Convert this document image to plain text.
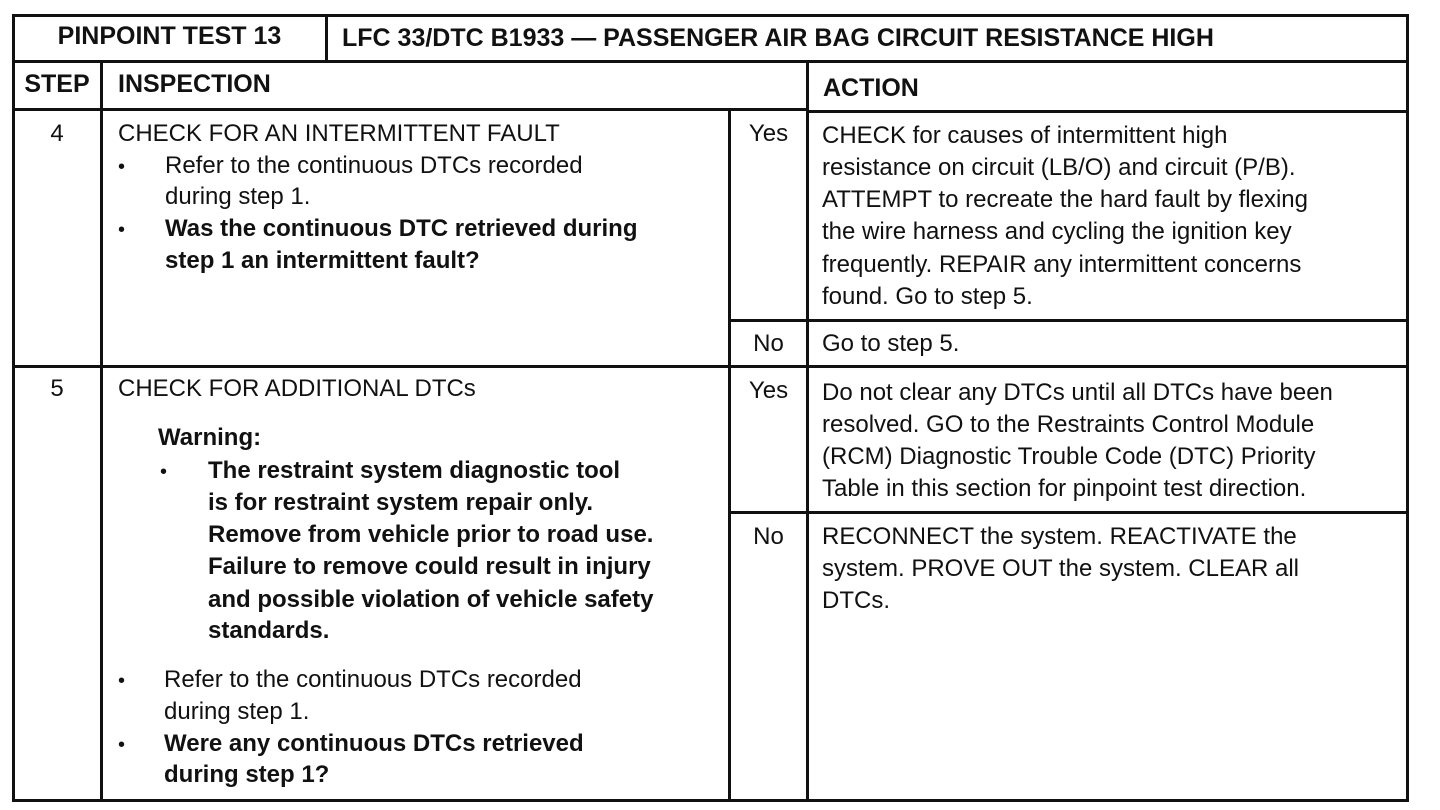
PINPOINT TEST 13	LFC 33/DTC B1933 — PASSENGER AIR BAG CIRCUIT RESISTANCE HIGH
STEP	INSPECTION	ACTION
4	CHECK FOR AN INTERMITTENT FAULT
• Refer to the continuous DTCs recorded
during step 1.
• Was the continuous DTC retrieved during
step 1 an intermittent fault?
Yes	CHECK for causes of intermittent high
resistance on circuit (LB/O) and circuit (P/B).
ATTEMPT to recreate the hard fault by flexing
the wire harness and cycling the ignition key
frequently. REPAIR any intermittent concerns
found. Go to step 5.
No	Go to step 5.
5	CHECK FOR ADDITIONAL DTCs
Warning:
• The restraint system diagnostic tool
is for restraint system repair only.
Remove from vehicle prior to road use.
Failure to remove could result in injury
and possible violation of vehicle safety
standards.
• Refer to the continuous DTCs recorded
during step 1.
• Were any continuous DTCs retrieved
during step 1?
Yes	Do not clear any DTCs until all DTCs have been
resolved. GO to the Restraints Control Module
(RCM) Diagnostic Trouble Code (DTC) Priority
Table in this section for pinpoint test direction.
No	RECONNECT the system. REACTIVATE the
system. PROVE OUT the system. CLEAR all
DTCs.
